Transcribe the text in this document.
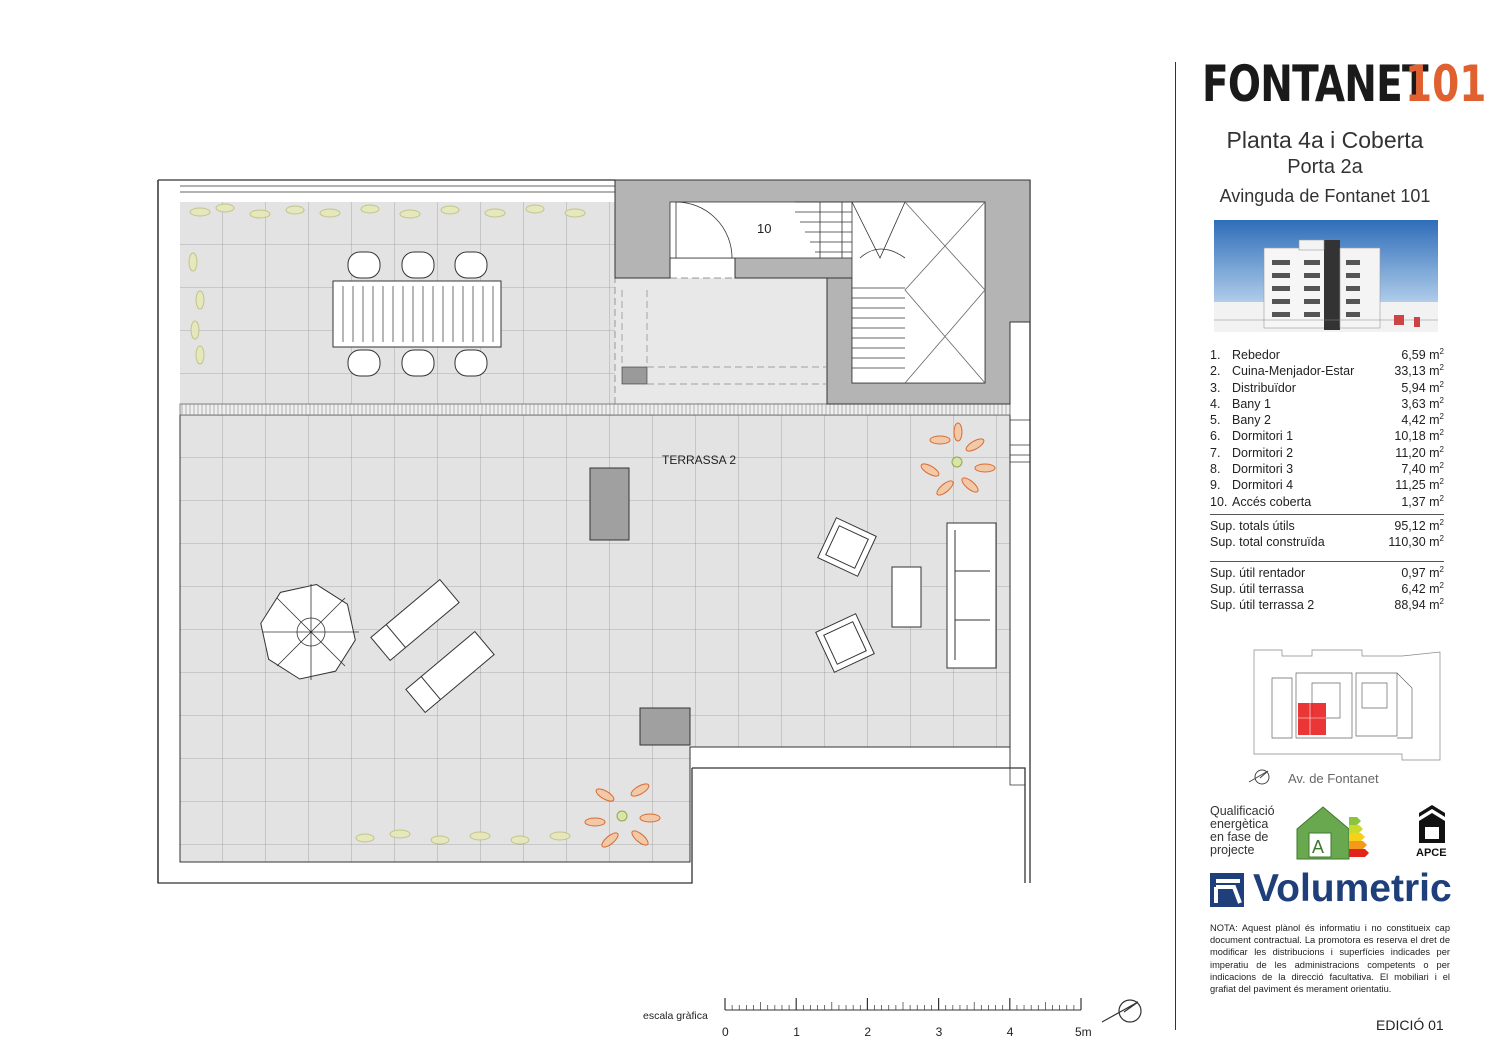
10
TERRASSA 2
escala gràfica
0	1	2	3	4	5m
FONTANET
101
Planta 4a i Coberta
Porta 2a
Avinguda de Fontanet 101
1. Rebedor	6,59 $m^2$
2. Cuina-Menjador-Estar	33,13 $m^2$
3. Distribuïdor	5,94 $m^2$
4. Bany 1	3,63 $m^2$
5. Bany 2	4,42 $m^2$
6. Dormitori 1	10,18 $m^2$
7. Dormitori 2	11,20 $m^2$
8. Dormitori 3	7,40 $m^2$
9. Dormitori 4	11,25 $m^2$
10. Accés coberta	1,37 $m^2$
Sup. totals útils	95,12 $m^2$
Sup. total construïda	110,30 $m^2$
Sup. útil rentador	0,97 $m^2$
Sup. útil terrassa	6,42 $m^2$
Sup. útil terrassa 2	88,94 $m^2$
Av. de Fontanet
Qualificació
energètica
en fase de
projecte	A	APCE
Volumetric
NOTA: Aquest plànol és informatiu i no constitueix cap document contractual. La promotora es reserva el dret de modificar les distribucions i superfícies indicades per imperatiu de les administracions competents o per indicacions de la direcció facultativa. El mobiliari i el grafiat del paviment és merament orientatiu.
EDICIÓ 01
